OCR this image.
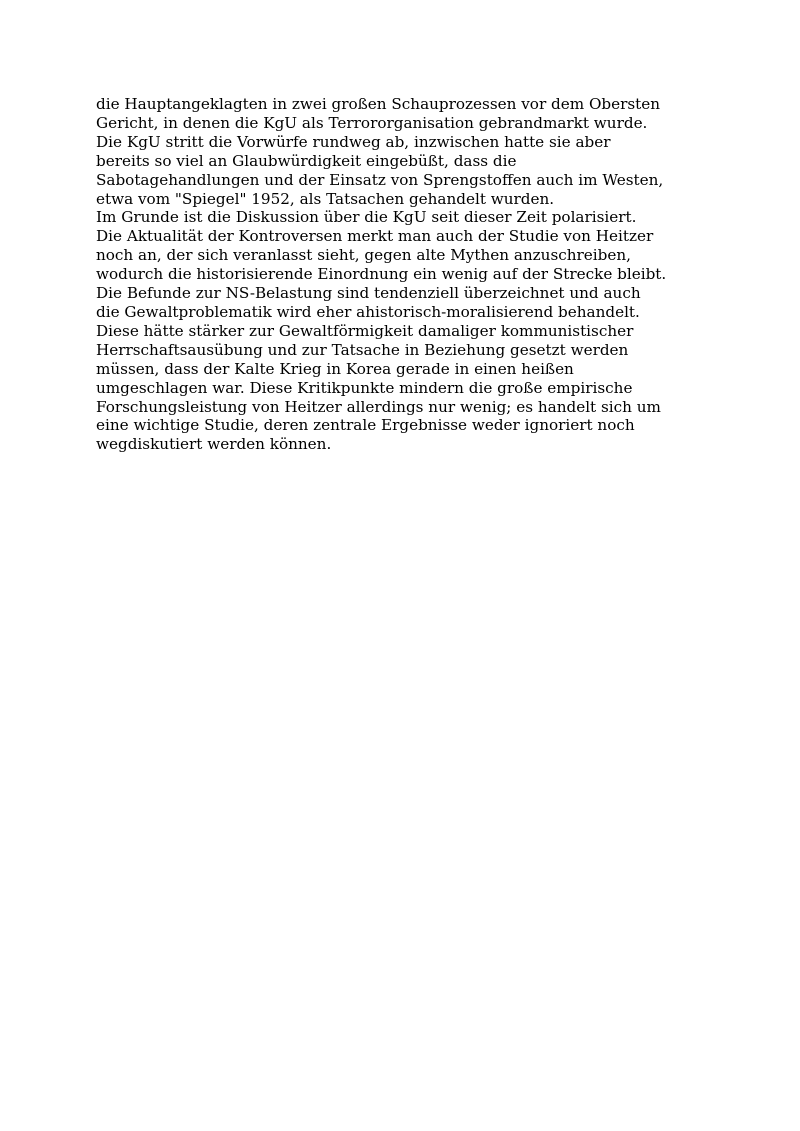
die Hauptangeklagten in zwei großen Schauprozessen vor dem Obersten
Gericht, in denen die KgU als Terrororganisation gebrandmarkt wurde.
Die KgU stritt die Vorwürfe rundweg ab, inzwischen hatte sie aber
bereits so viel an Glaubwürdigkeit eingebüßt, dass die
Sabotagehandlungen und der Einsatz von Sprengstoffen auch im Westen,
etwa vom "Spiegel" 1952, als Tatsachen gehandelt wurden.
Im Grunde ist die Diskussion über die KgU seit dieser Zeit polarisiert.
Die Aktualität der Kontroversen merkt man auch der Studie von Heitzer
noch an, der sich veranlasst sieht, gegen alte Mythen anzuschreiben,
wodurch die historisierende Einordnung ein wenig auf der Strecke bleibt.
Die Befunde zur NS-Belastung sind tendenziell überzeichnet und auch
die Gewaltproblematik wird eher ahistorisch-moralisierend behandelt.
Diese hätte stärker zur Gewaltförmigkeit damaliger kommunistischer
Herrschaftsausübung und zur Tatsache in Beziehung gesetzt werden
müssen, dass der Kalte Krieg in Korea gerade in einen heißen
umgeschlagen war. Diese Kritikpunkte mindern die große empirische
Forschungsleistung von Heitzer allerdings nur wenig; es handelt sich um
eine wichtige Studie, deren zentrale Ergebnisse weder ignoriert noch
wegdiskutiert werden können.
